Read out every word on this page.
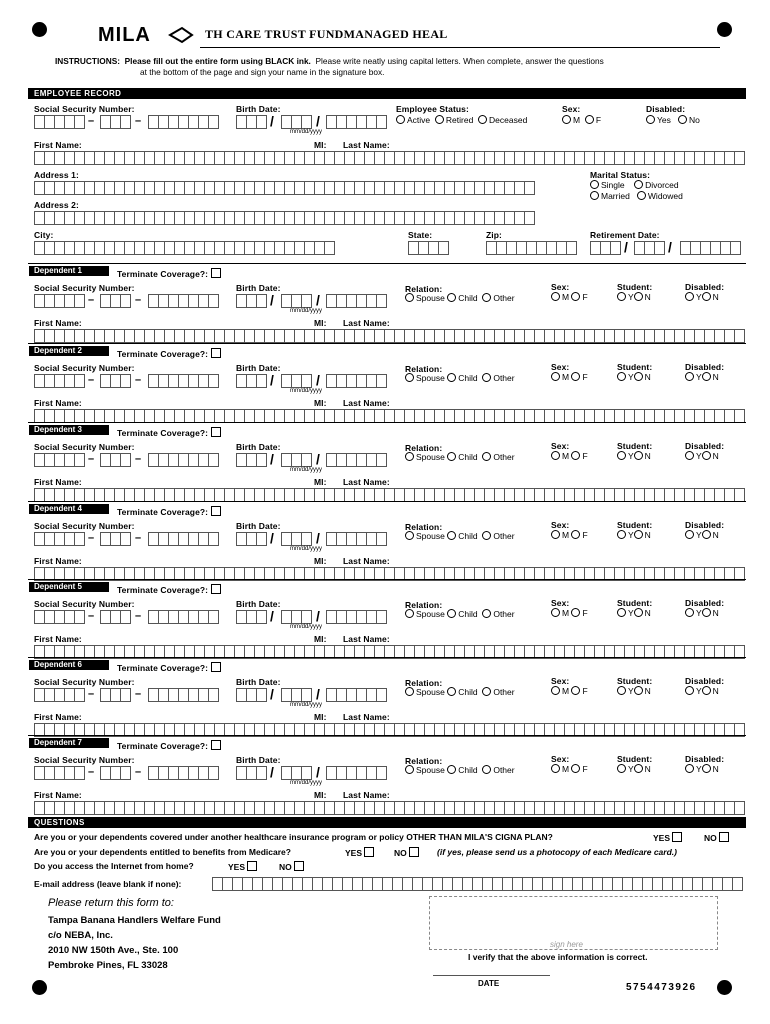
MILA	TH CARE TRUST FUNDMANAGED HEAL
INSTRUCTIONS: Please fill out the entire form using BLACK ink. Please write neatly using capital letters. When complete, answer the questions
at the bottom of the page and sign your name in the signature box.
EMPLOYEE RECORD
Social Security Number:
–	–
Birth Date:
/	/
mm/dd/yyyy
Employee Status:
Active Retired Deceased
Sex:
M F
Disabled:
Yes No
First Name:	MI: Last Name:
Address 1:	Marital Status:
Single Divorced
Married Widowed
Address 2:
City:	State:	Zip:	Retirement Date:
/	/
Dependent 1	Terminate Coverage?:
Social Security Number:
–	–
Birth Date:
/	/
mm/dd/yyyy
Relation:
Spouse Child Other
Sex:
M F
Student:
Y N
Disabled:
Y N
First Name:	MI: Last Name:
Dependent 2	Terminate Coverage?:
Social Security Number:
–	–
Birth Date:
/	/
mm/dd/yyyy
Relation:
Spouse Child Other
Sex:
M F
Student:
Y N
Disabled:
Y N
First Name:	MI: Last Name:
Dependent 3	Terminate Coverage?:
Social Security Number:
–	–
Birth Date:
/	/
mm/dd/yyyy
Relation:
Spouse Child Other
Sex:
M F
Student:
Y N
Disabled:
Y N
First Name:	MI: Last Name:
Dependent 4	Terminate Coverage?:
Social Security Number:
–	–
Birth Date:
/	/
mm/dd/yyyy
Relation:
Spouse Child Other
Sex:
M F
Student:
Y N
Disabled:
Y N
First Name:	MI: Last Name:
Dependent 5	Terminate Coverage?:
Social Security Number:
–	–
Birth Date:
/	/
mm/dd/yyyy
Relation:
Spouse Child Other
Sex:
M F
Student:
Y N
Disabled:
Y N
First Name:	MI: Last Name:
Dependent 6	Terminate Coverage?:
Social Security Number:
–	–
Birth Date:
/	/
mm/dd/yyyy
Relation:
Spouse Child Other
Sex:
M F
Student:
Y N
Disabled:
Y N
First Name:	MI: Last Name:
Dependent 7	Terminate Coverage?:
Social Security Number:
–	–
Birth Date:
/	/
mm/dd/yyyy
Relation:
Spouse Child Other
Sex:
M F
Student:
Y N
Disabled:
Y N
First Name:	MI: Last Name:
QUESTIONS
Are you or your dependents covered under another healthcare insurance program or policy OTHER THAN MILA'S CIGNA PLAN?	YES	NO
Are you or your dependents entitled to benefits from Medicare?	YES	NO	(if yes, please send us a photocopy of each Medicare card.)
Do you access the Internet from home?	YES	NO
E-mail address (leave blank if none):
Please return this form to:
Tampa Banana Handlers Welfare Fund
c/o NEBA, Inc.
2010 NW 150th Ave., Ste. 100
Pembroke Pines, FL 33028
sign here
I verify that the above information is correct.
DATE	5754473926
